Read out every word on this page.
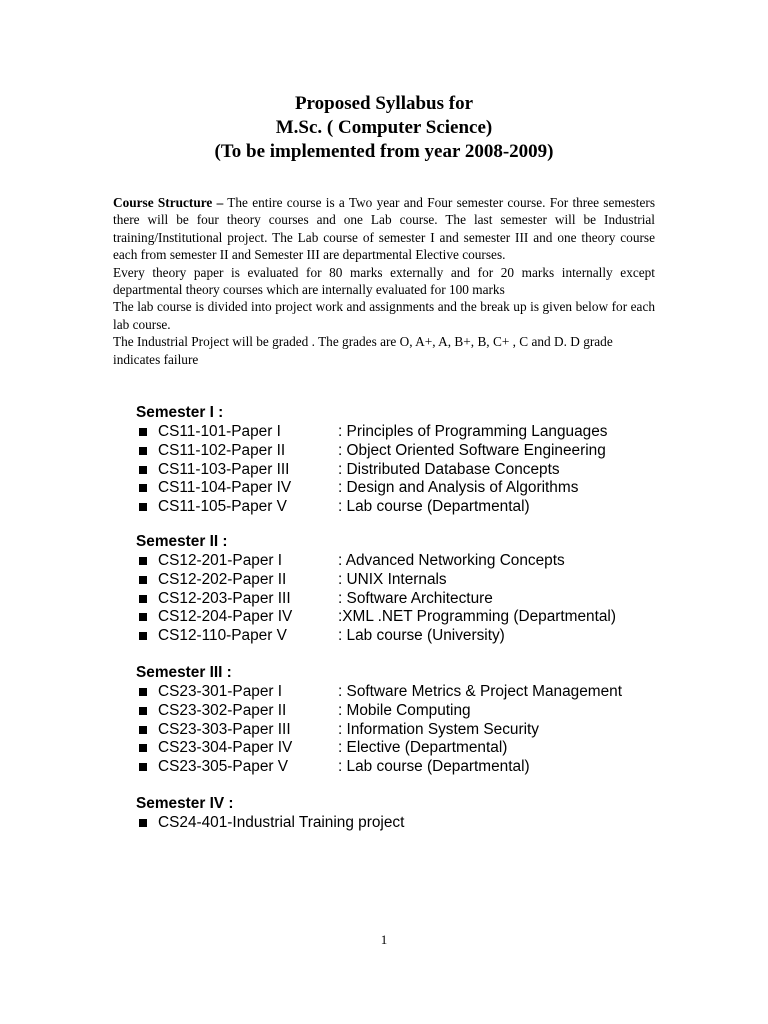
Proposed Syllabus for
M.Sc. ( Computer Science)
(To be implemented from year 2008-2009)

Course Structure – The entire course is a Two year and Four semester course. For three semesters there will be four theory courses and one Lab course. The last semester will be Industrial training/Institutional project. The Lab course of semester I and semester III and one theory course each from semester II and Semester III are departmental Elective courses.

Every theory paper is evaluated for 80 marks externally and for 20 marks internally except departmental theory courses which are internally evaluated for 100 marks

The lab course is divided into project work and assignments and the break up is given below for each lab course.

The Industrial Project will be graded . The grades are O, A+, A, B+, B, C+ , C and D. D grade indicates failure

Semester I :
CS11-101-Paper I	: Principles of Programming Languages
CS11-102-Paper II	: Object Oriented Software Engineering
CS11-103-Paper III	: Distributed Database Concepts
CS11-104-Paper IV	: Design and Analysis of Algorithms
CS11-105-Paper V	: Lab course (Departmental)
Semester II :
CS12-201-Paper I	: Advanced Networking Concepts
CS12-202-Paper II	: UNIX Internals
CS12-203-Paper III	: Software Architecture
CS12-204-Paper IV	:XML .NET Programming (Departmental)
CS12-110-Paper V	: Lab course (University)
Semester III :
CS23-301-Paper I	: Software Metrics & Project Management
CS23-302-Paper II	: Mobile Computing
CS23-303-Paper III	: Information System Security
CS23-304-Paper IV	: Elective (Departmental)
CS23-305-Paper V	: Lab course (Departmental)
Semester IV :
CS24-401-Industrial Training project
1
